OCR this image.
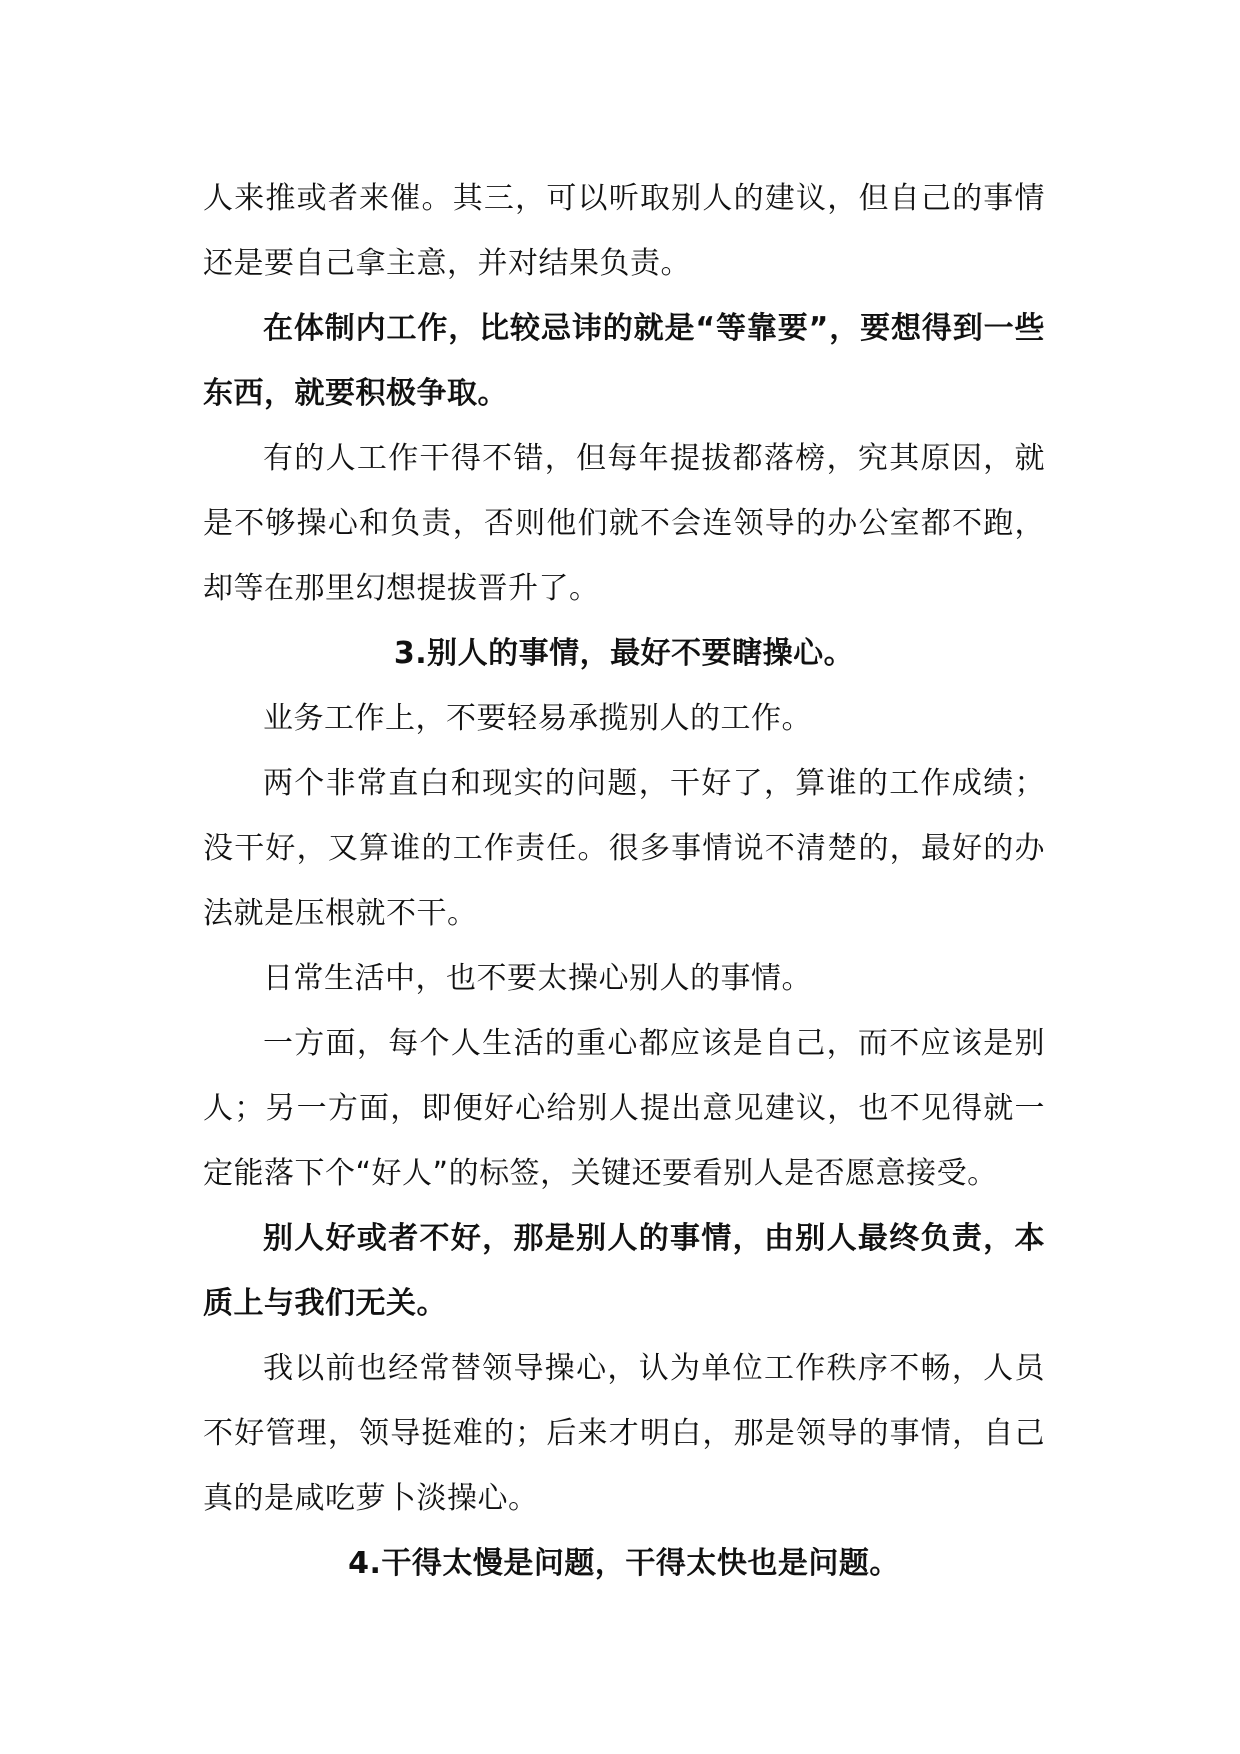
人来推或者来催。其三，可以听取别人的建议，但自己的事情还是要自己拿主意，并对结果负责。

在体制内工作，比较忌讳的就是“等靠要”，要想得到一些东西，就要积极争取。

有的人工作干得不错，但每年提拔都落榜，究其原因，就是不够操心和负责，否则他们就不会连领导的办公室都不跑，却等在那里幻想提拔晋升了。

3.别人的事情，最好不要瞎操心。

业务工作上，不要轻易承揽别人的工作。

两个非常直白和现实的问题，干好了，算谁的工作成绩；没干好，又算谁的工作责任。很多事情说不清楚的，最好的办法就是压根就不干。

日常生活中，也不要太操心别人的事情。

一方面，每个人生活的重心都应该是自己，而不应该是别人；另一方面，即便好心给别人提出意见建议，也不见得就一定能落下个“好人”的标签，关键还要看别人是否愿意接受。

别人好或者不好，那是别人的事情，由别人最终负责，本质上与我们无关。

我以前也经常替领导操心，认为单位工作秩序不畅，人员不好管理，领导挺难的；后来才明白，那是领导的事情，自己真的是咸吃萝卜淡操心。

4.干得太慢是问题，干得太快也是问题。
